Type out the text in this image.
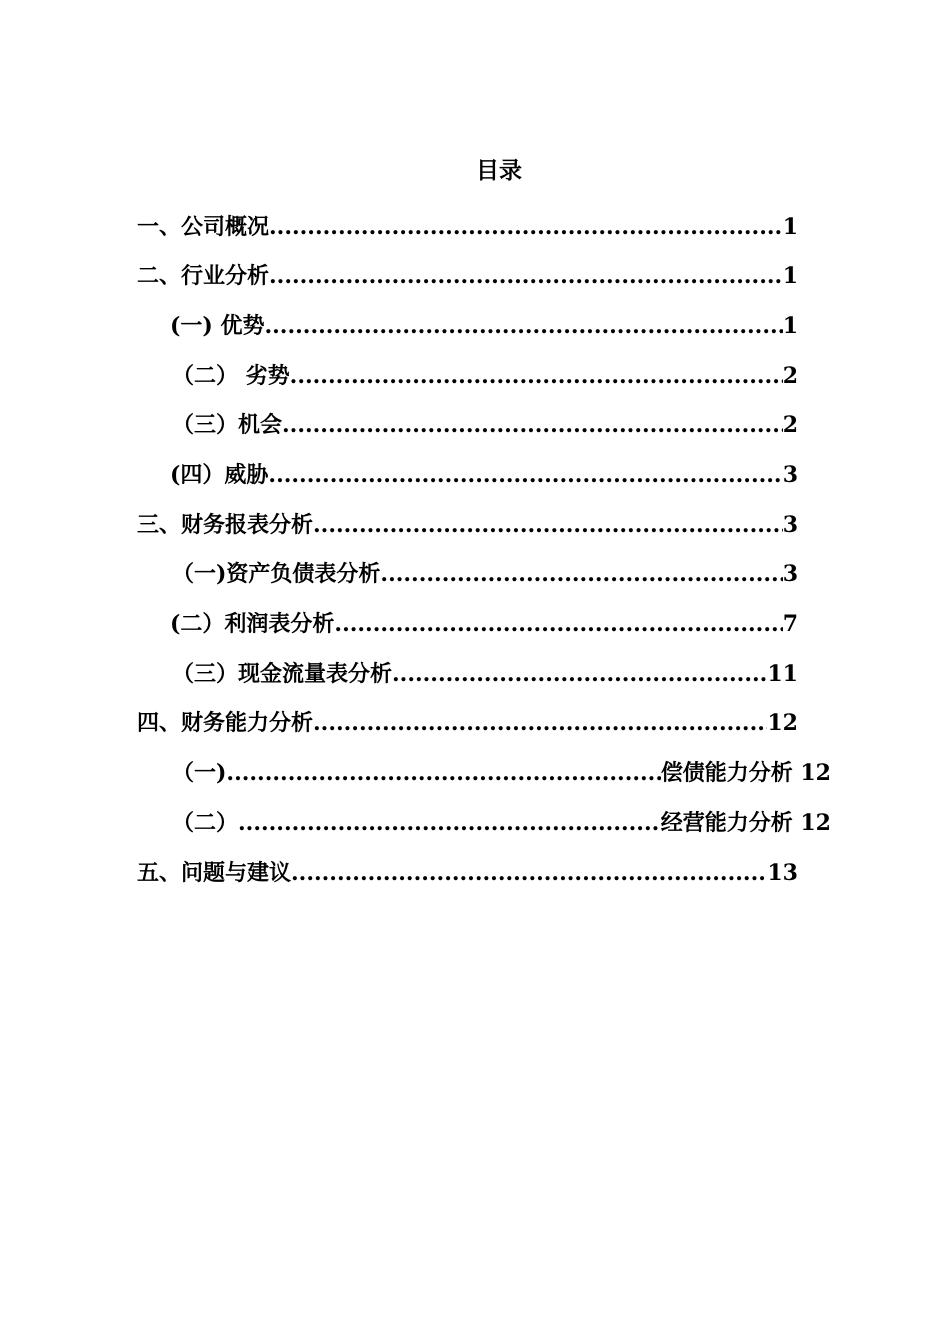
目录
一、公司概况 .....	1
二、行业分析 .....	1
(一) 优势 .....	1
（二） 劣势 .....	2
（三）机会 .....	2
(四）威胁 .....	3
三、财务报表分析 .....	3
（一)资产负债表分析 .....	3
(二）利润表分析 .....	7
（三）现金流量表分析 .....	11
四、财务能力分析 .....	12
（一) .....	偿债能力分析 12
（二） .....	经营能力分析 12
五、问题与建议 .....	13
